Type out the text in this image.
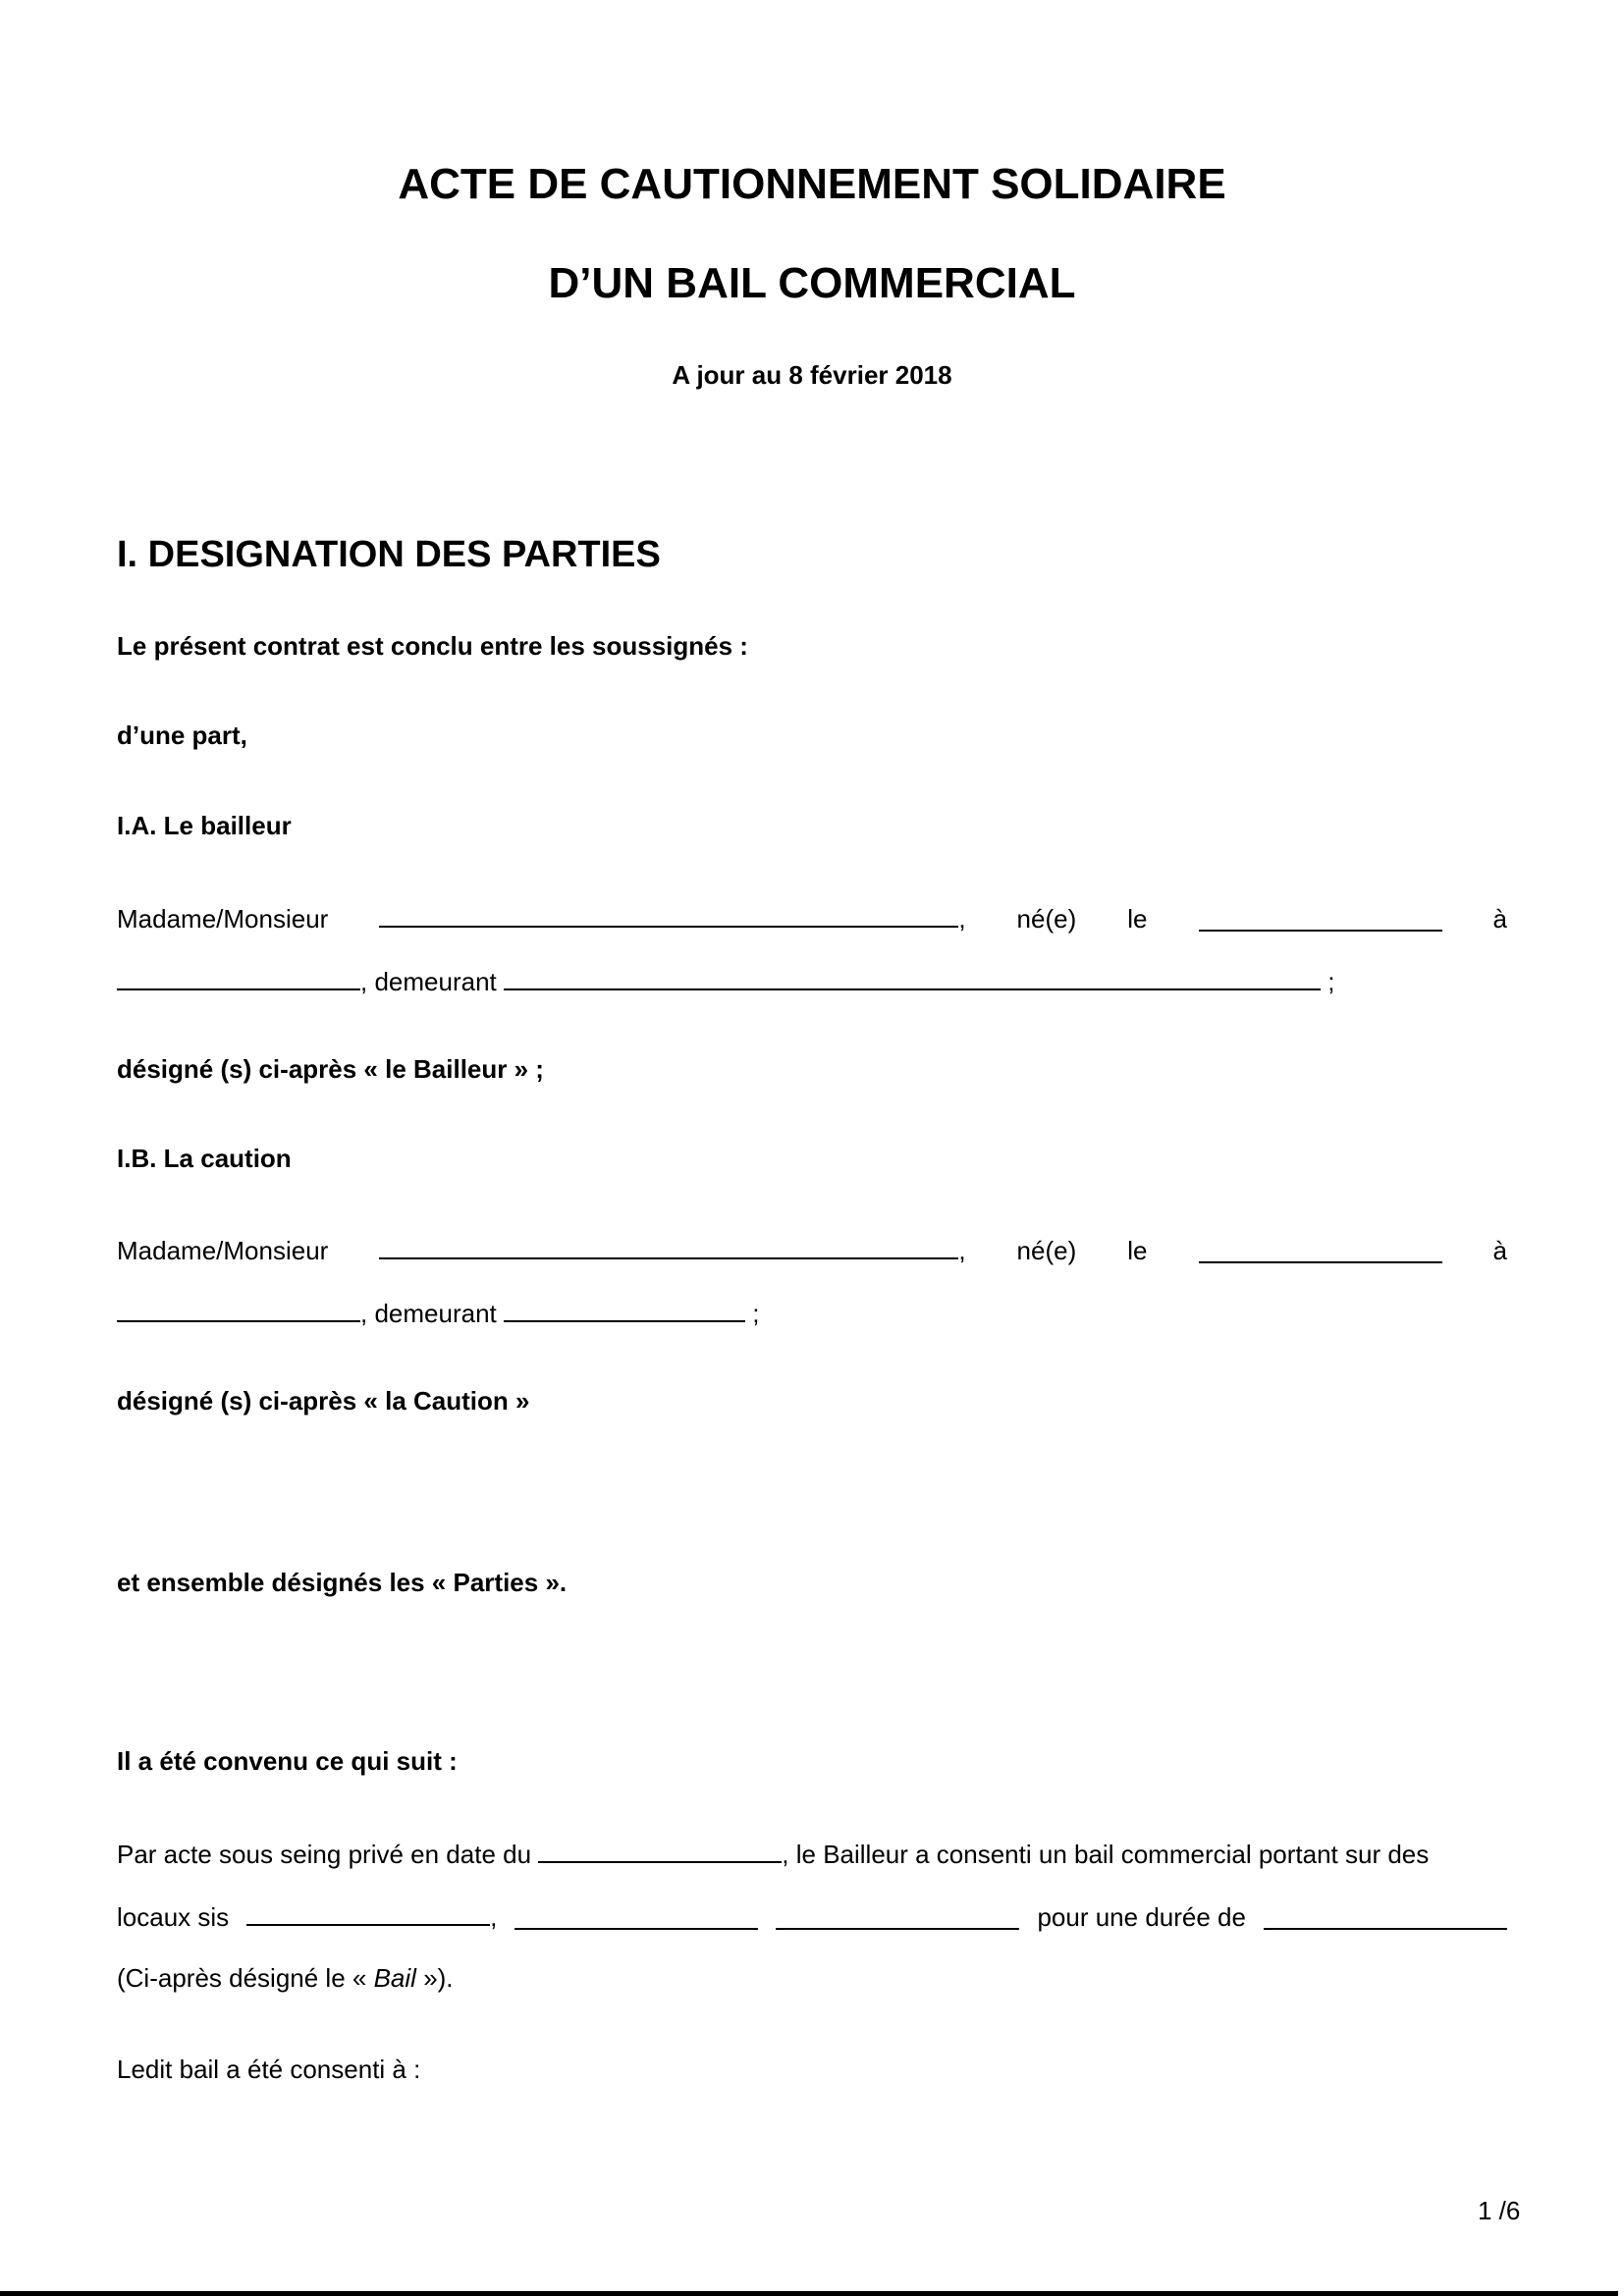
ACTE DE CAUTIONNEMENT SOLIDAIRE
D’UN BAIL COMMERCIAL
A jour au 8 février 2018
I. DESIGNATION DES PARTIES
Le présent contrat est conclu entre les soussignés :
d’une part,
I.A. Le bailleur
Madame/Monsieur	, né(e) le	à
, demeurant	;
désigné (s) ci-après « le Bailleur » ;
I.B. La caution
Madame/Monsieur	, né(e) le	à
, demeurant	;
désigné (s) ci-après « la Caution »
et ensemble désignés les « Parties ».
Il a été convenu ce qui suit :
Par acte sous seing privé en date du	, le Bailleur a consenti un bail commercial portant sur des
locaux sis	,	pour une durée de
(Ci-après désigné le « Bail »).
Ledit bail a été consenti à :
1 /6
